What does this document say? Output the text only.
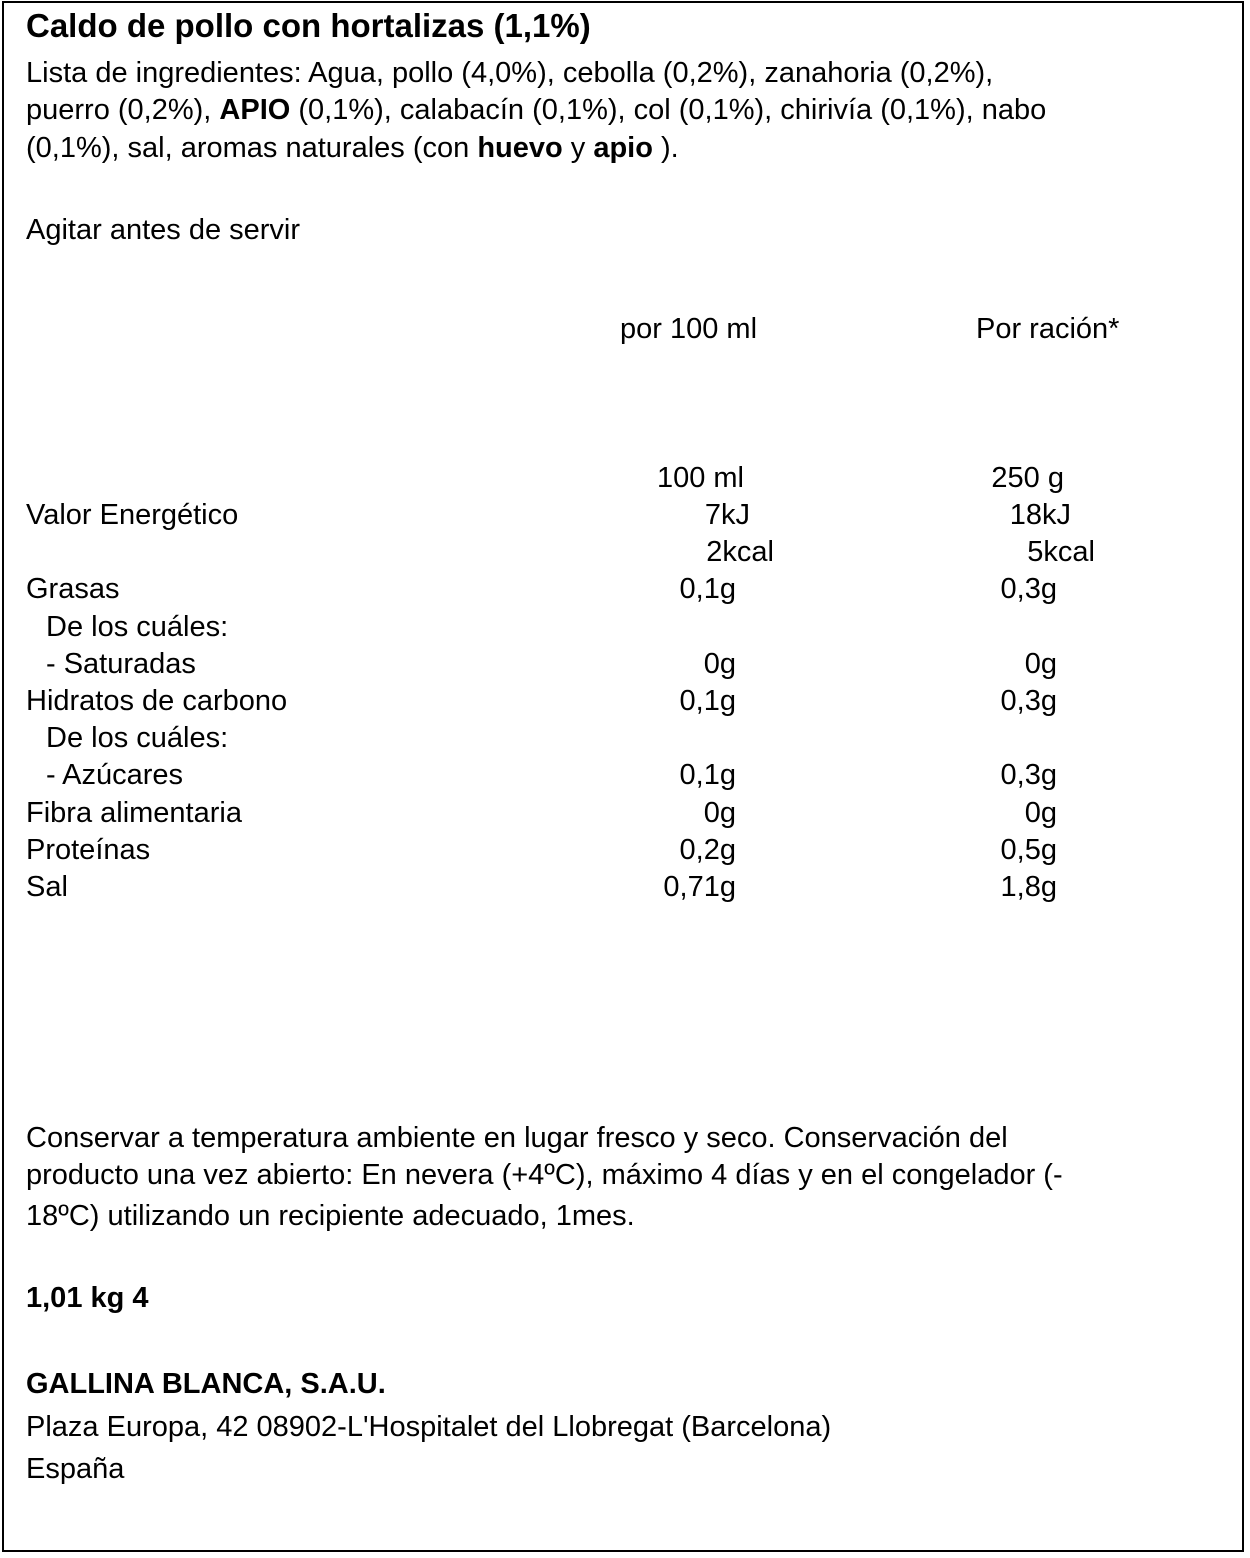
Caldo de pollo con hortalizas (1,1%)

Lista de ingredientes: Agua, pollo (4,0%), cebolla (0,2%), zanahoria (0,2%),

puerro (0,2%), APIO (0,1%), calabacín (0,1%), col (0,1%), chirivía (0,1%), nabo

(0,1%), sal, aromas naturales (con huevo y apio ).

Agitar antes de servir

por 100 ml	Por ración*

100 ml	250 g

Valor Energético	7kJ	18kJ

2kcal	5kcal

Grasas	0,1g	0,3g

De los cuáles:

- Saturadas	0g	0g

Hidratos de carbono	0,1g	0,3g

De los cuáles:

- Azúcares	0,1g	0,3g

Fibra alimentaria	0g	0g

Proteínas	0,2g	0,5g

Sal	0,71g	1,8g

Conservar a temperatura ambiente en lugar fresco y seco. Conservación del

producto una vez abierto: En nevera (+4ºC), máximo 4 días y en el congelador (-

18ºC) utilizando un recipiente adecuado, 1mes.

1,01 kg 4

GALLINA BLANCA, S.A.U.

Plaza Europa, 42 08902-L'Hospitalet del Llobregat (Barcelona)

España
